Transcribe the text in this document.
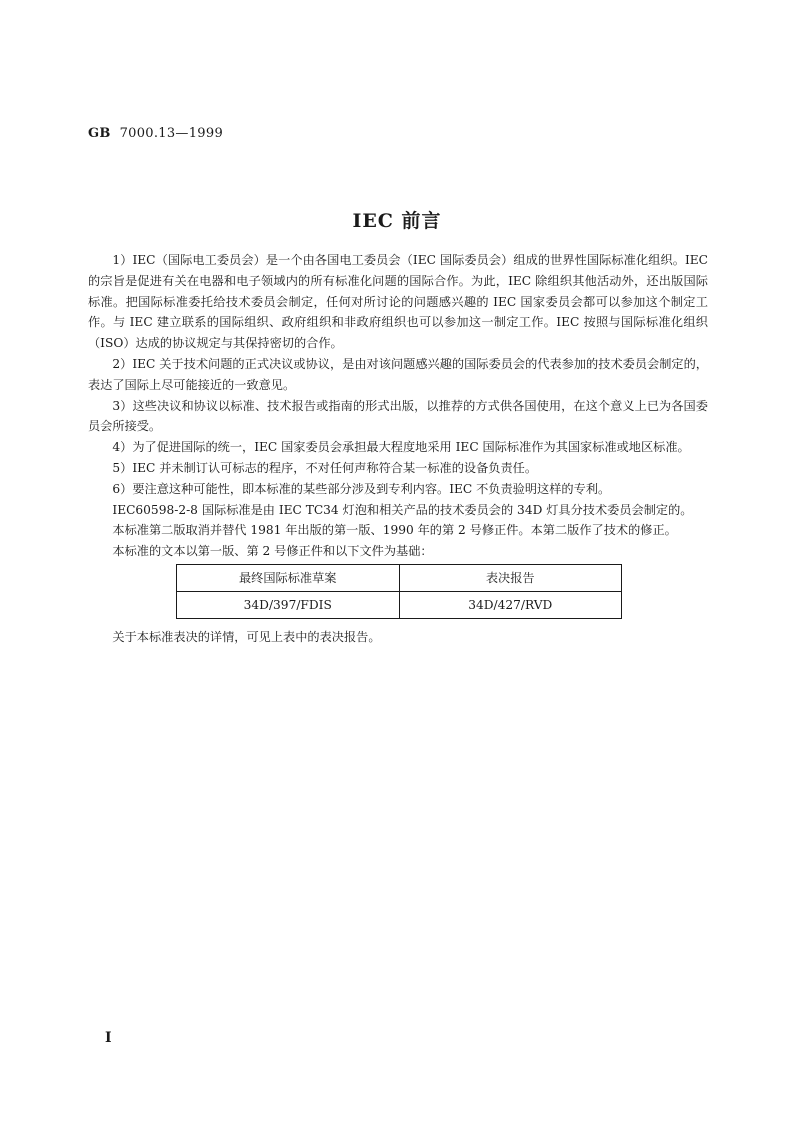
GB 7000.13—1999
IEC 前言

1）IEC（国际电工委员会）是一个由各国电工委员会（IEC 国际委员会）组成的世界性国际标准化组织。IEC 的宗旨是促进有关在电器和电子领域内的所有标准化问题的国际合作。为此，IEC 除组织其他活动外，还出版国际标准。把国际标准委托给技术委员会制定，任何对所讨论的问题感兴趣的 IEC 国家委员会都可以参加这个制定工作。与 IEC 建立联系的国际组织、政府组织和非政府组织也可以参加这一制定工作。IEC 按照与国际标准化组织（ISO）达成的协议规定与其保持密切的合作。

2）IEC 关于技术问题的正式决议或协议，是由对该问题感兴趣的国际委员会的代表参加的技术委员会制定的，表达了国际上尽可能接近的一致意见。

3）这些决议和协议以标准、技术报告或指南的形式出版，以推荐的方式供各国使用，在这个意义上已为各国委员会所接受。

4）为了促进国际的统一，IEC 国家委员会承担最大程度地采用 IEC 国际标准作为其国家标准或地区标准。

5）IEC 并未制订认可标志的程序，不对任何声称符合某一标准的设备负责任。

6）要注意这种可能性，即本标准的某些部分涉及到专利内容。IEC 不负责验明这样的专利。

IEC60598-2-8 国际标准是由 IEC TC34 灯泡和相关产品的技术委员会的 34D 灯具分技术委员会制定的。

本标准第二版取消并替代 1981 年出版的第一版、1990 年的第 2 号修正件。本第二版作了技术的修正。

本标准的文本以第一版、第 2 号修正件和以下文件为基础：

最终国际标准草案	表决报告
34D/397/FDIS	34D/427/RVD

关于本标准表决的详情，可见上表中的表决报告。

I
